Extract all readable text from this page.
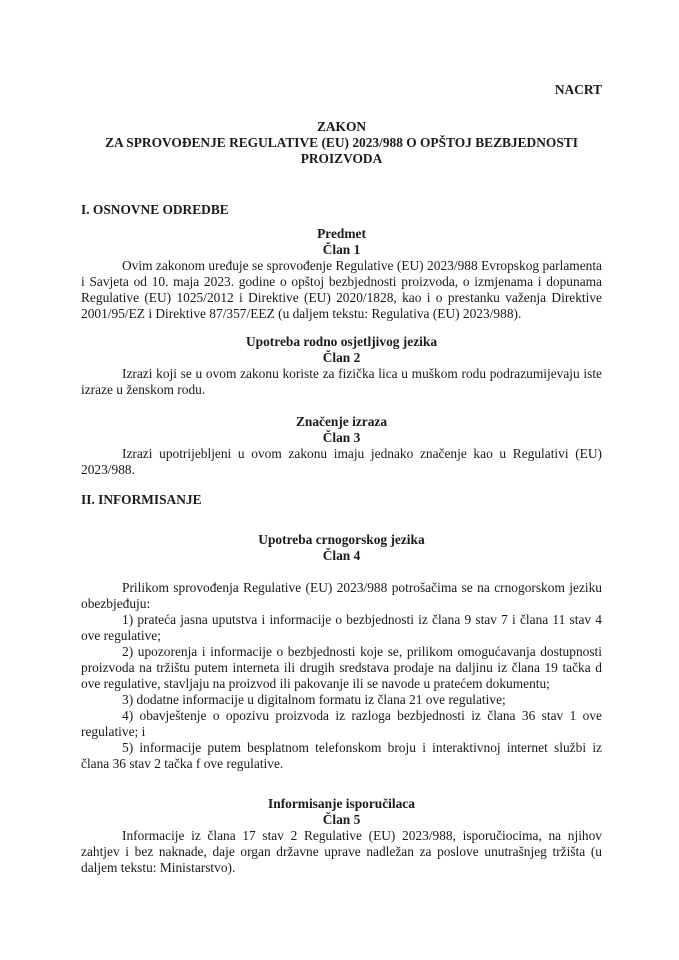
NACRT
ZAKON
ZA SPROVOĐENJE REGULATIVE (EU) 2023/988 O OPŠTOJ BEZBJEDNOSTI
PROIZVODA
I. OSNOVNE ODREDBE
Predmet
Član 1

Ovim zakonom uređuje se sprovođenje Regulative (EU) 2023/988 Evropskog parlamenta i Savjeta od 10. maja 2023. godine o opštoj bezbjednosti proizvoda, o izmjenama i dopunama Regulative (EU) 1025/2012 i Direktive (EU) 2020/1828, kao i o prestanku važenja Direktive 2001/95/EZ i Direktive 87/357/EEZ (u daljem tekstu: Regulativa (EU) 2023/988).

Upotreba rodno osjetljivog jezika
Član 2

Izrazi koji se u ovom zakonu koriste za fizička lica u muškom rodu podrazumijevaju iste izraze u ženskom rodu.

Značenje izraza
Član 3

Izrazi upotrijebljeni u ovom zakonu imaju jednako značenje kao u Regulativi (EU) 2023/988.

II. INFORMISANJE
Upotreba crnogorskog jezika
Član 4

Prilikom sprovođenja Regulative (EU) 2023/988 potrošačima se na crnogorskom jeziku obezbjeđuju:

1) prateća jasna uputstva i informacije o bezbjednosti iz člana 9 stav 7 i člana 11 stav 4 ove regulative;

2) upozorenja i informacije o bezbjednosti koje se, prilikom omogućavanja dostupnosti proizvoda na tržištu putem interneta ili drugih sredstava prodaje na daljinu iz člana 19 tačka d ove regulative, stavljaju na proizvod ili pakovanje ili se navode u pratećem dokumentu;

3) dodatne informacije u digitalnom formatu iz člana 21 ove regulative;

4) obavještenje o opozivu proizvoda iz razloga bezbjednosti iz člana 36 stav 1 ove regulative; i

5) informacije putem besplatnom telefonskom broju i interaktivnoj internet službi iz člana 36 stav 2 tačka f ove regulative.

Informisanje isporučilaca
Član 5

Informacije iz člana 17 stav 2 Regulative (EU) 2023/988, isporučiocima, na njihov zahtjev i bez naknade, daje organ državne uprave nadležan za poslove unutrašnjeg tržišta (u daljem tekstu: Ministarstvo).
